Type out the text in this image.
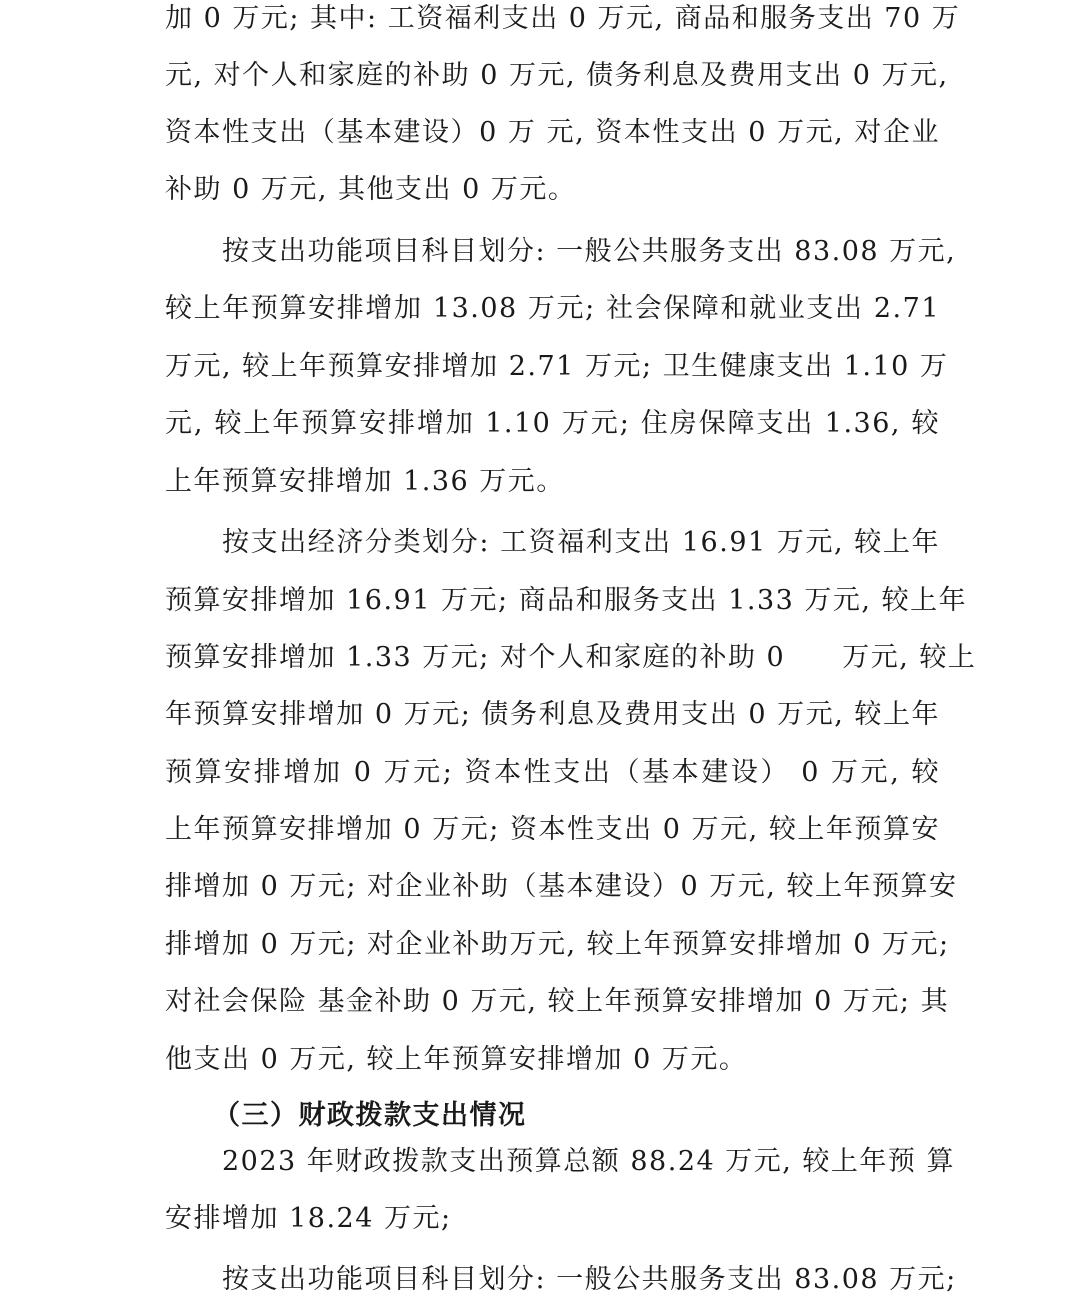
加 0 万元; 其中: 工资福利支出 0 万元, 商品和服务支出 70 万
元, 对个人和家庭的补助 0 万元, 债务利息及费用支出 0 万元,
资本性支出（基本建设）0 万 元, 资本性支出 0 万元, 对企业
补助 0 万元, 其他支出 0 万元。
按支出功能项目科目划分: 一般公共服务支出 83.08 万元,
较上年预算安排增加 13.08 万元; 社会保障和就业支出 2.71
万元, 较上年预算安排增加 2.71 万元; 卫生健康支出 1.10 万
元, 较上年预算安排增加 1.10 万元; 住房保障支出 1.36, 较
上年预算安排增加 1.36 万元。
按支出经济分类划分: 工资福利支出 16.91 万元, 较上年
预算安排增加 16.91 万元; 商品和服务支出 1.33 万元, 较上年
预算安排增加 1.33 万元; 对个人和家庭的补助 0　　万元, 较上
年预算安排增加 0 万元; 债务利息及费用支出 0 万元, 较上年
预算安排增加 0 万元; 资本性支出（基本建设） 0 万元, 较
上年预算安排增加 0 万元; 资本性支出 0 万元, 较上年预算安
排增加 0 万元; 对企业补助（基本建设）0 万元, 较上年预算安
排增加 0 万元; 对企业补助万元, 较上年预算安排增加 0 万元;
对社会保险 基金补助 0 万元, 较上年预算安排增加 0 万元; 其
他支出 0 万元, 较上年预算安排增加 0 万元。
（三）财政拨款支出情况
2023 年财政拨款支出预算总额 88.24 万元, 较上年预 算
安排增加 18.24 万元;
按支出功能项目科目划分: 一般公共服务支出 83.08 万元;
